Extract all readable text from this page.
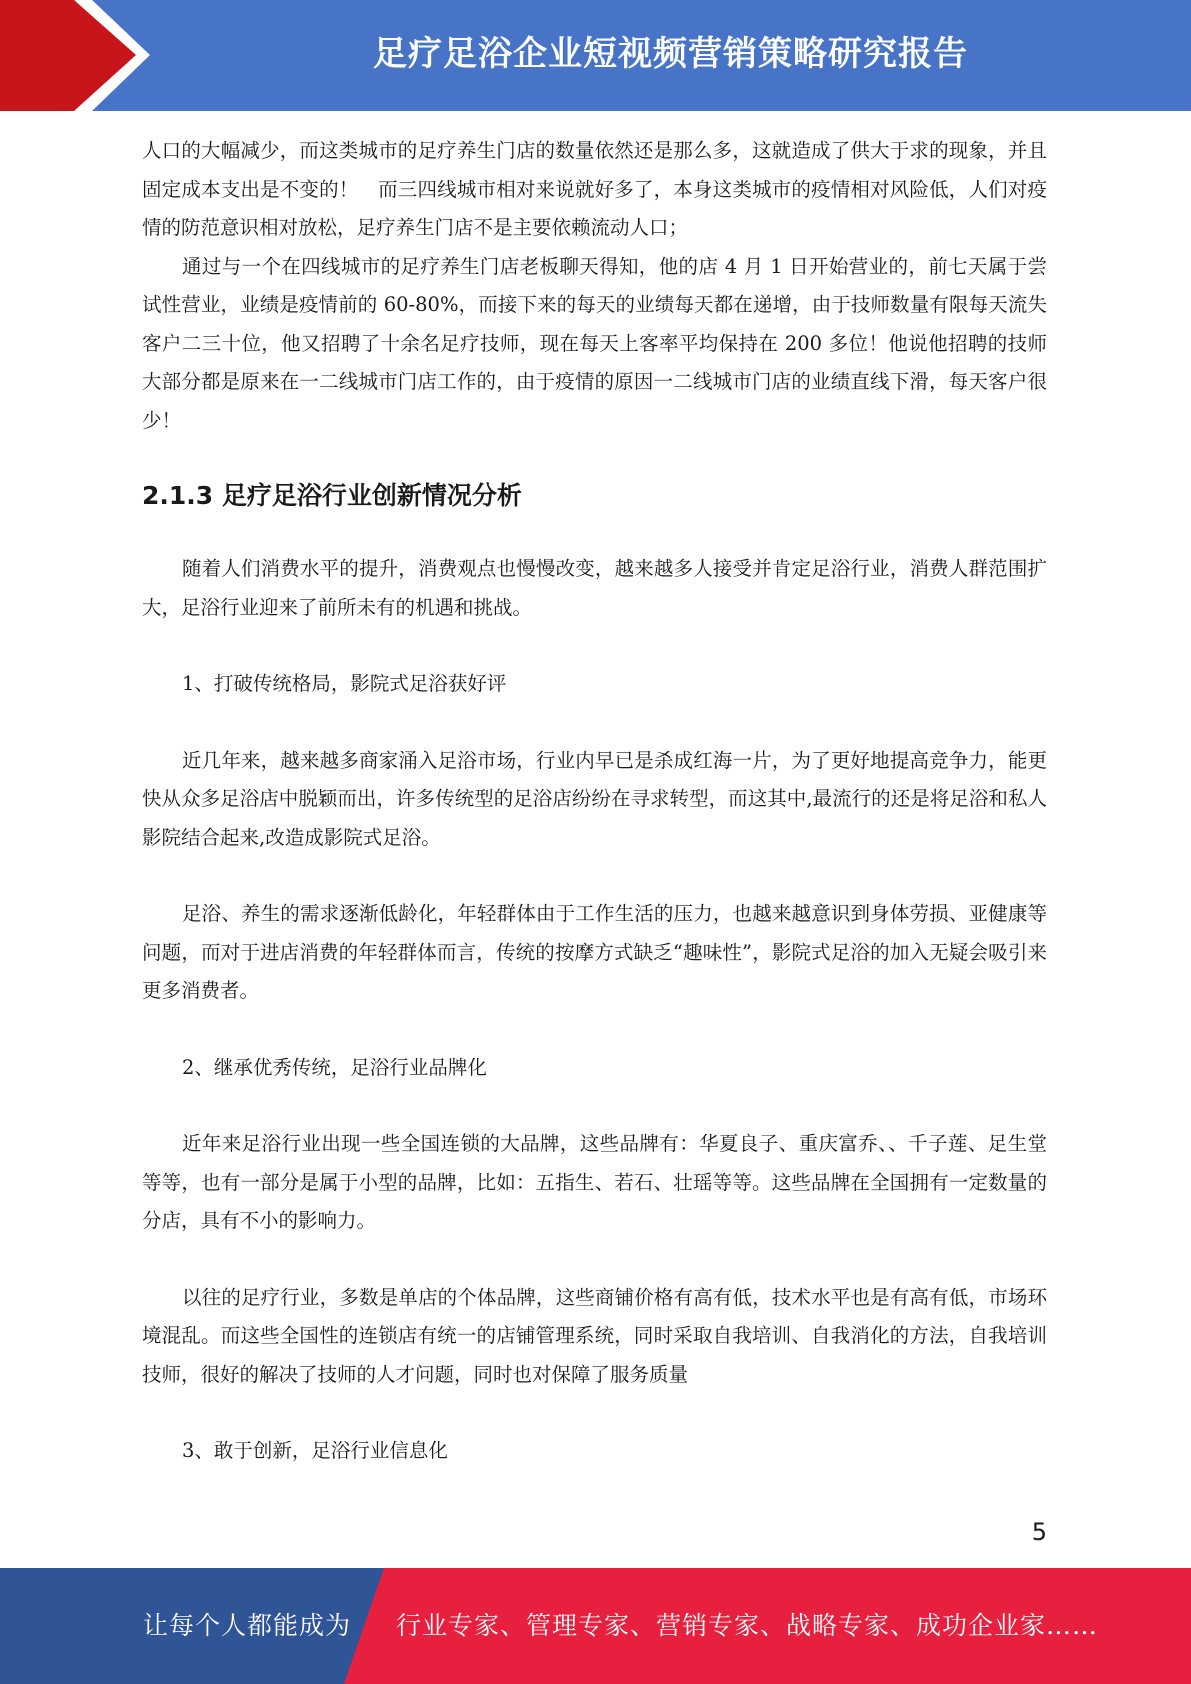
足疗足浴企业短视频营销策略研究报告

人口的大幅减少，而这类城市的足疗养生门店的数量依然还是那么多，这就造成了供大于求的现象，并且固定成本支出是不变的！　而三四线城市相对来说就好多了，本身这类城市的疫情相对风险低，人们对疫情的防范意识相对放松，足疗养生门店不是主要依赖流动人口；

通过与一个在四线城市的足疗养生门店老板聊天得知，他的店 4 月 1 日开始营业的，前七天属于尝试性营业，业绩是疫情前的 60-80%，而接下来的每天的业绩每天都在递增，由于技师数量有限每天流失客户二三十位，他又招聘了十余名足疗技师，现在每天上客率平均保持在 200 多位！他说他招聘的技师大部分都是原来在一二线城市门店工作的，由于疫情的原因一二线城市门店的业绩直线下滑，每天客户很少！

2.1.3 足疗足浴行业创新情况分析

随着人们消费水平的提升，消费观点也慢慢改变，越来越多人接受并肯定足浴行业，消费人群范围扩大，足浴行业迎来了前所未有的机遇和挑战。

1、打破传统格局，影院式足浴获好评

近几年来，越来越多商家涌入足浴市场，行业内早已是杀成红海一片，为了更好地提高竞争力，能更快从众多足浴店中脱颖而出，许多传统型的足浴店纷纷在寻求转型，而这其中,最流行的还是将足浴和私人影院结合起来,改造成影院式足浴。

足浴、养生的需求逐渐低龄化，年轻群体由于工作生活的压力，也越来越意识到身体劳损、亚健康等问题，而对于进店消费的年轻群体而言，传统的按摩方式缺乏“趣味性”，影院式足浴的加入无疑会吸引来更多消费者。

2、继承优秀传统，足浴行业品牌化

近年来足浴行业出现一些全国连锁的大品牌，这些品牌有：华夏良子、重庆富乔、、千子莲、足生堂等等，也有一部分是属于小型的品牌，比如：五指生、若石、壮瑶等等。这些品牌在全国拥有一定数量的分店，具有不小的影响力。

以往的足疗行业，多数是单店的个体品牌，这些商铺价格有高有低，技术水平也是有高有低，市场环境混乱。而这些全国性的连锁店有统一的店铺管理系统，同时采取自我培训、自我消化的方法，自我培训技师，很好的解决了技师的人才问题，同时也对保障了服务质量

3、敢于创新，足浴行业信息化

5
让每个人都能成为 行业专家、管理专家、营销专家、战略专家、成功企业家……
